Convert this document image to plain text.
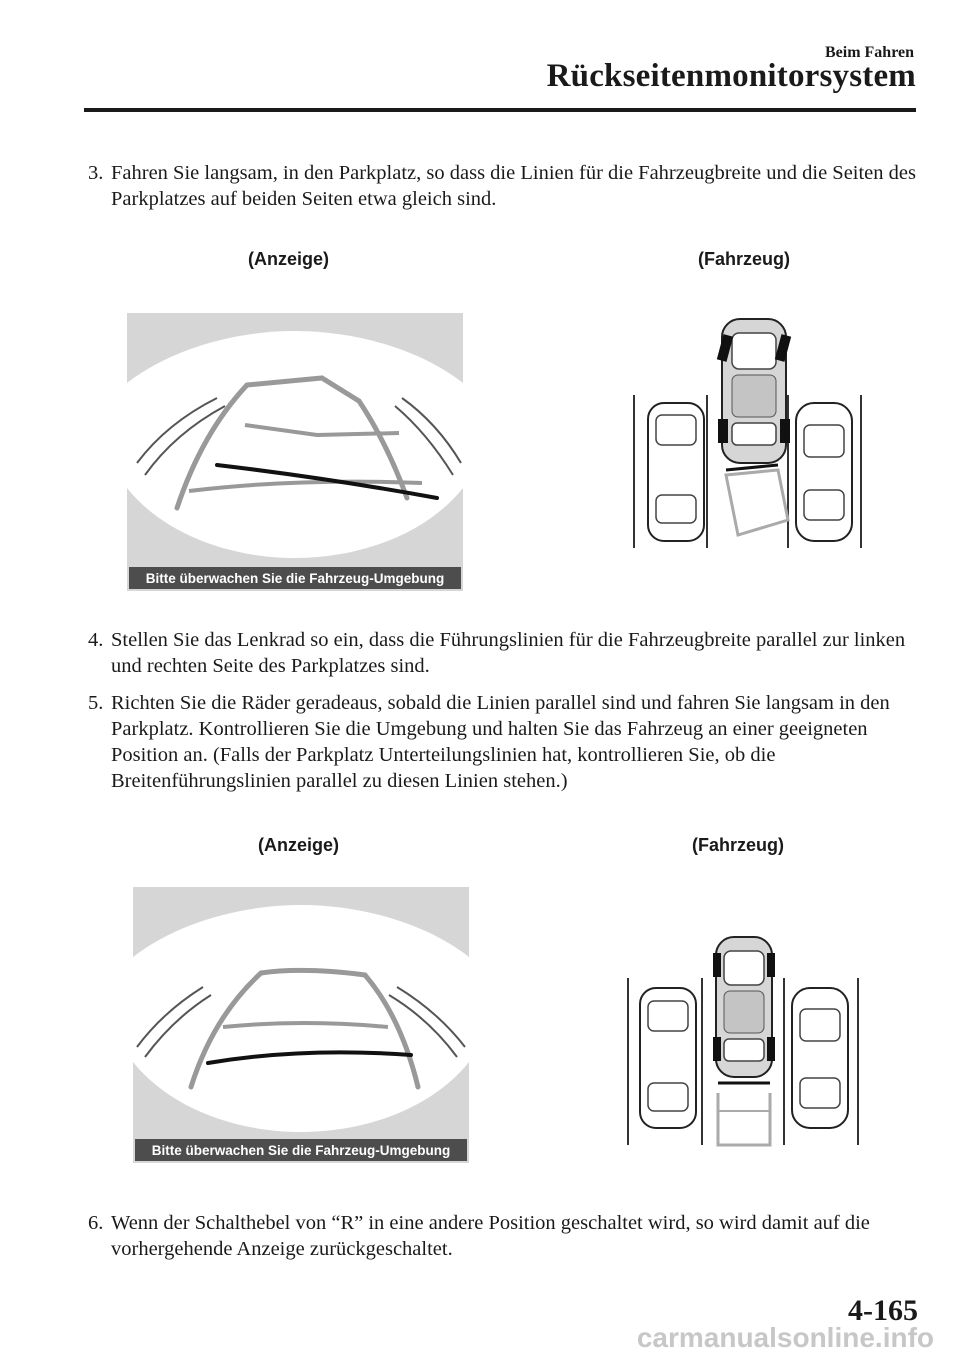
Beim Fahren
Rückseitenmonitorsystem
3. Fahren Sie langsam, in den Parkplatz, so dass die Linien für die Fahrzeugbreite und die Seiten des Parkplatzes auf beiden Seiten etwa gleich sind.
(Anzeige)	(Fahrzeug)
Bitte überwachen Sie die Fahrzeug-Umgebung
4. Stellen Sie das Lenkrad so ein, dass die Führungslinien für die Fahrzeugbreite parallel zur linken und rechten Seite des Parkplatzes sind.
5. Richten Sie die Räder geradeaus, sobald die Linien parallel sind und fahren Sie langsam in den Parkplatz. Kontrollieren Sie die Umgebung und halten Sie das Fahrzeug an einer geeigneten Position an. (Falls der Parkplatz Unterteilungslinien hat, kontrollieren Sie, ob die Breitenführungslinien parallel zu diesen Linien stehen.)
(Anzeige)	(Fahrzeug)
Bitte überwachen Sie die Fahrzeug-Umgebung
6. Wenn der Schalthebel von “R” in eine andere Position geschaltet wird, so wird damit auf die vorhergehende Anzeige zurückgeschaltet.
4-165
carmanualsonline.info
